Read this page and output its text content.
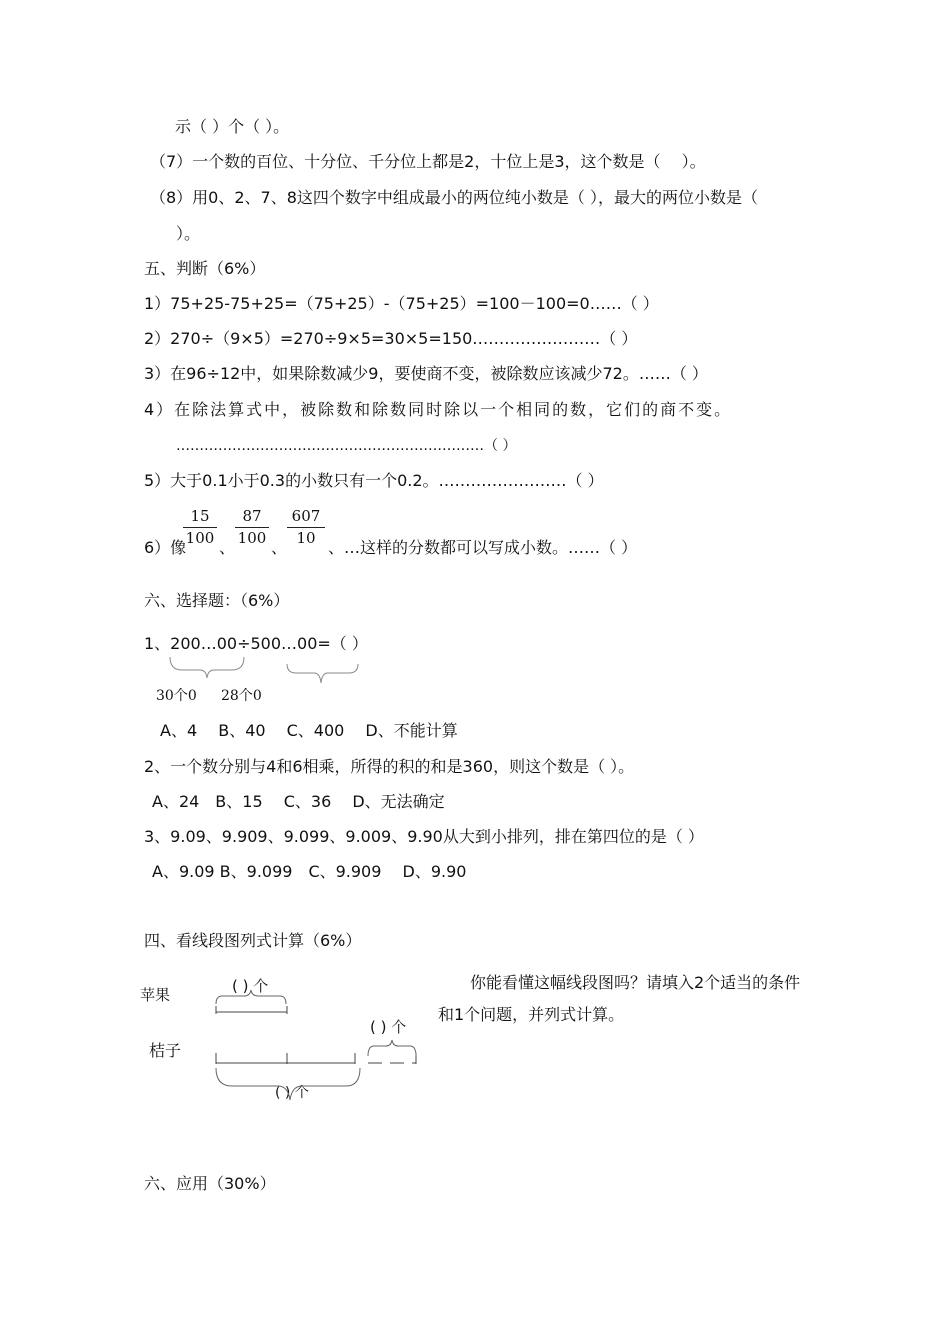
示（ ）个（ ）。
（7）一个数的百位、十分位、千分位上都是2，十位上是3，这个数是（　 ）。
（8）用0、2、7、8这四个数字中组成最小的两位纯小数是（ ），最大的两位小数是（
）。
五、判断（6%）
1）75+25-75+25=（75+25）-（75+25）=100－100=0……（ ）
2）270÷（9×5）=270÷9×5=30×5=150……………………（ ）
3）在96÷12中，如果除数减少9，要使商不变，被除数应该减少72。……（ ）
4）在除法算式中，被除数和除数同时除以一个相同的数，它们的商不变。
…………………………………………………………（ ）
5）大于0.1小于0.3的小数只有一个0.2。……………………（ ）
6）像
$\frac{15}{100}$
、
$\frac{87}{100}$
、
$\frac{607}{10}$
、…这样的分数都可以写成小数。……（ ）
六、选择题：（6%）
1、200…00÷500…00=（ ）
30个0 28个0
A、4　 B、40　 C、400　 D、不能计算
2、一个数分别与4和6相乘，所得的积的和是360，则这个数是（ ）。
A、24　B、15　 C、36　 D、无法确定
3、9.09、9.909、9.099、9.009、9.90从大到小排列，排在第四位的是（ ）
A、9.09 B、9.099　C、9.909　 D、9.90
四、看线段图列式计算（6%）
苹果
桔子
( ) 个
( ) 个
( ) 个
你能看懂这幅线段图吗？请填入2个适当的条件
和1个问题，并列式计算。
六、应用（30%）
